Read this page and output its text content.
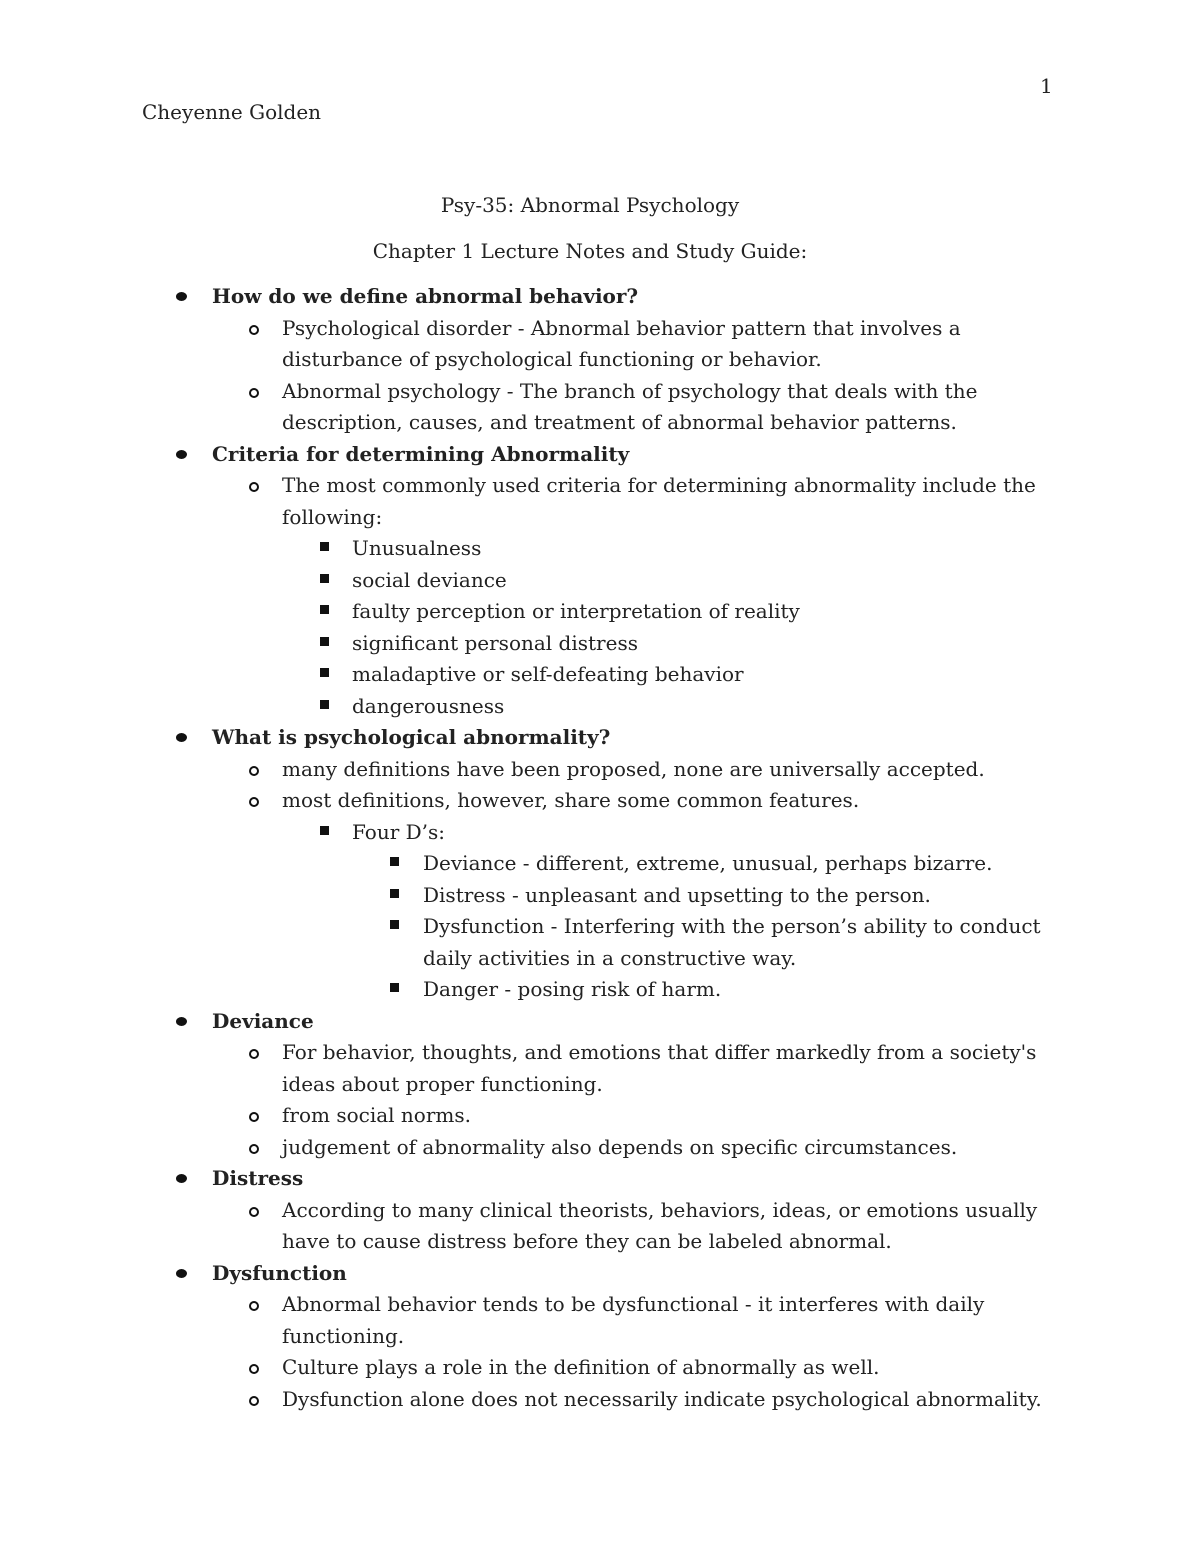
1
Cheyenne Golden
Psy-35: Abnormal Psychology
Chapter 1 Lecture Notes and Study Guide:
How do we define abnormal behavior?
Psychological disorder - Abnormal behavior pattern that involves a disturbance of psychological functioning or behavior.
Abnormal psychology - The branch of psychology that deals with the description, causes, and treatment of abnormal behavior patterns.
Criteria for determining Abnormality
The most commonly used criteria for determining abnormality include the following:
Unusualness
social deviance
faulty perception or interpretation of reality
significant personal distress
maladaptive or self-defeating behavior
dangerousness
What is psychological abnormality?
many definitions have been proposed, none are universally accepted.
most definitions, however, share some common features.
Four D’s:
Deviance - different, extreme, unusual, perhaps bizarre.
Distress - unpleasant and upsetting to the person.
Dysfunction - Interfering with the person’s ability to conduct daily activities in a constructive way.
Danger - posing risk of harm.
Deviance
For behavior, thoughts, and emotions that differ markedly from a society's ideas about proper functioning.
from social norms.
judgement of abnormality also depends on specific circumstances.
Distress
According to many clinical theorists, behaviors, ideas, or emotions usually have to cause distress before they can be labeled abnormal.
Dysfunction
Abnormal behavior tends to be dysfunctional - it interferes with daily functioning.
Culture plays a role in the definition of abnormally as well.
Dysfunction alone does not necessarily indicate psychological abnormality.
